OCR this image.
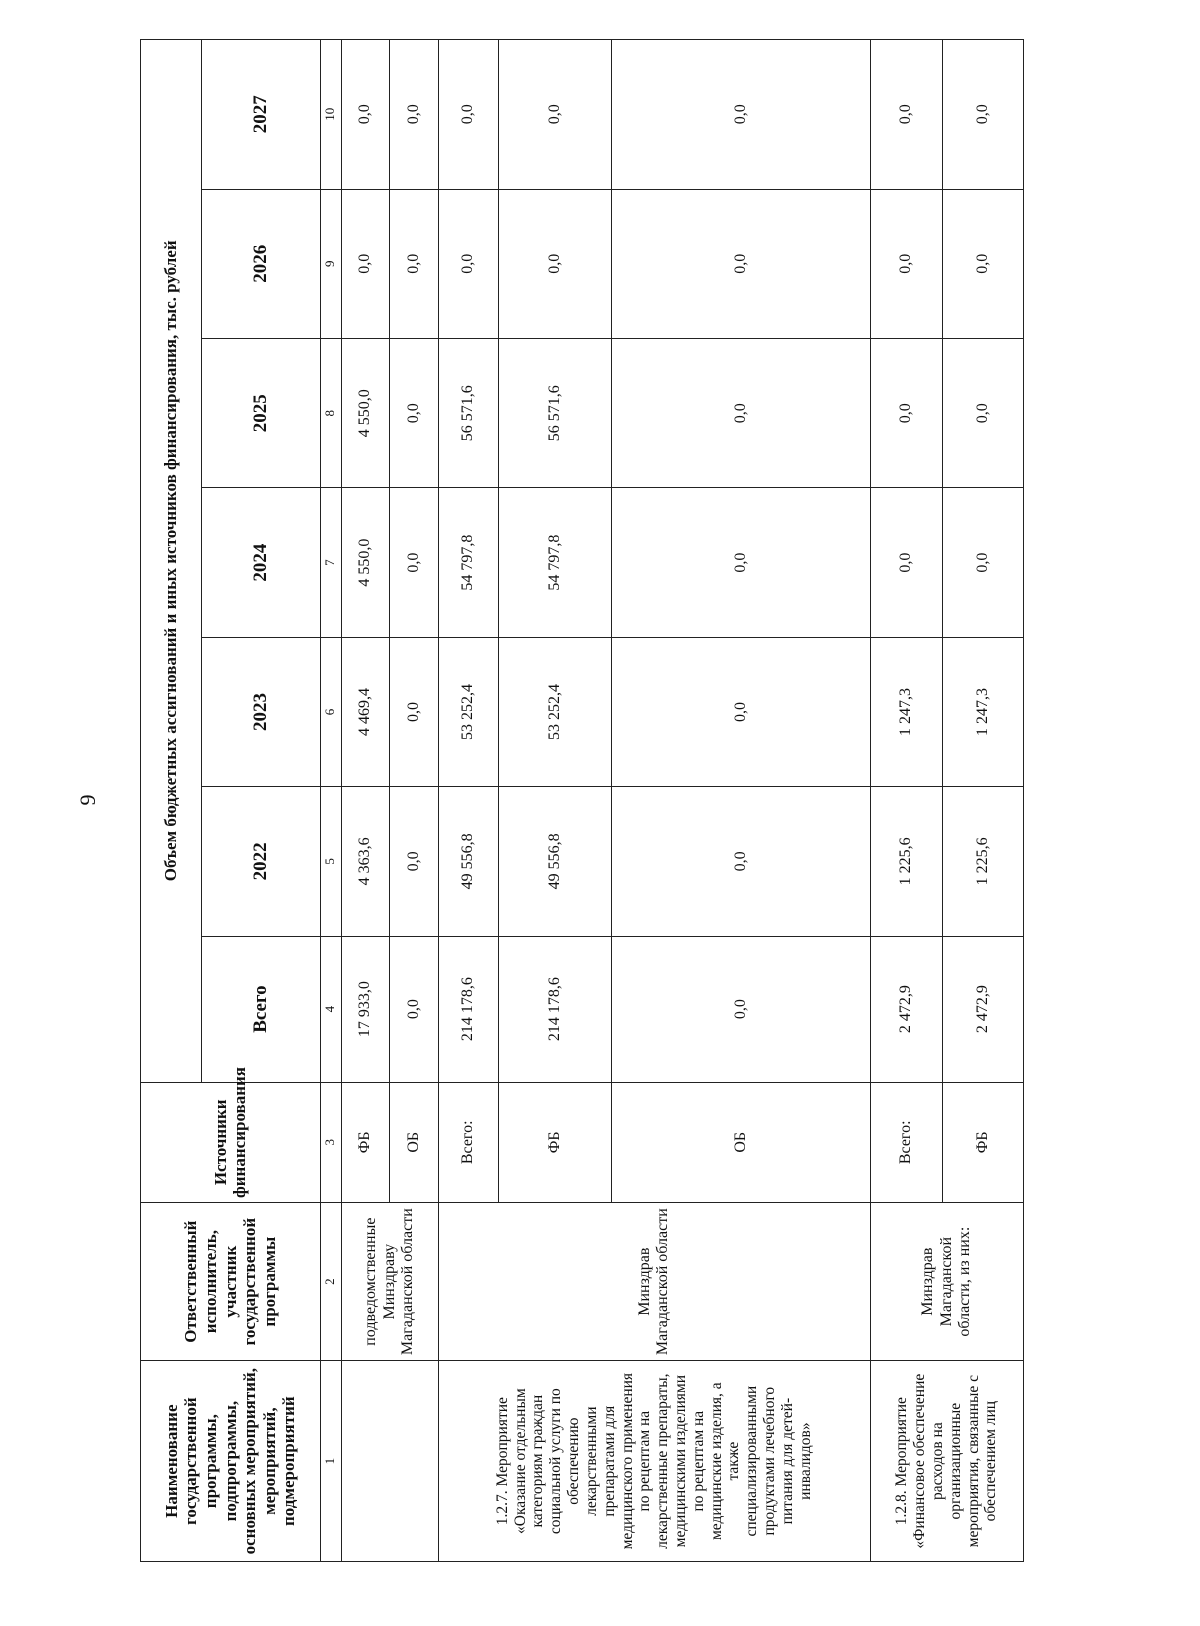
9
Наименование государственной программы, подпрограммы, основных мероприятий, мероприятий, подмероприятий	Ответственный исполнитель, участник государственной программы	Источники финансирования	Объем бюджетных ассигнований и иных источников финансирования, тыс. рублей						
			Всего	2022	2023	2024	2025	2026	2027
1	2	3	4	5	6	7	8	9	10
	подведомственные Минздраву Магаданской области	ФБ	17 933,0	4 363,6	4 469,4	4 550,0	4 550,0	0,0	0,0
		ОБ	0,0	0,0	0,0	0,0	0,0	0,0	0,0
1.2.7. Мероприятие «Оказание отдельным категориям граждан социальной услуги по обеспечению лекарственными препаратами для медицинского применения по рецептам на лекарственные препараты, медицинскими изделиями по рецептам на медицинские изделия, а также специализированными продуктами лечебного питания для детей-инвалидов»	Минздрав Магаданской области	Всего:	214 178,6	49 556,8	53 252,4	54 797,8	56 571,6	0,0	0,0
		ФБ	214 178,6	49 556,8	53 252,4	54 797,8	56 571,6	0,0	0,0
		ОБ	0,0	0,0	0,0	0,0	0,0	0,0	0,0
1.2.8. Мероприятие «Финансовое обеспечение расходов на организационные мероприятия, связанные с обеспечением лиц	Минздрав Магаданской области, из них:	Всего:	2 472,9	1 225,6	1 247,3	0,0	0,0	0,0	0,0
		ФБ	2 472,9	1 225,6	1 247,3	0,0	0,0	0,0	0,0
